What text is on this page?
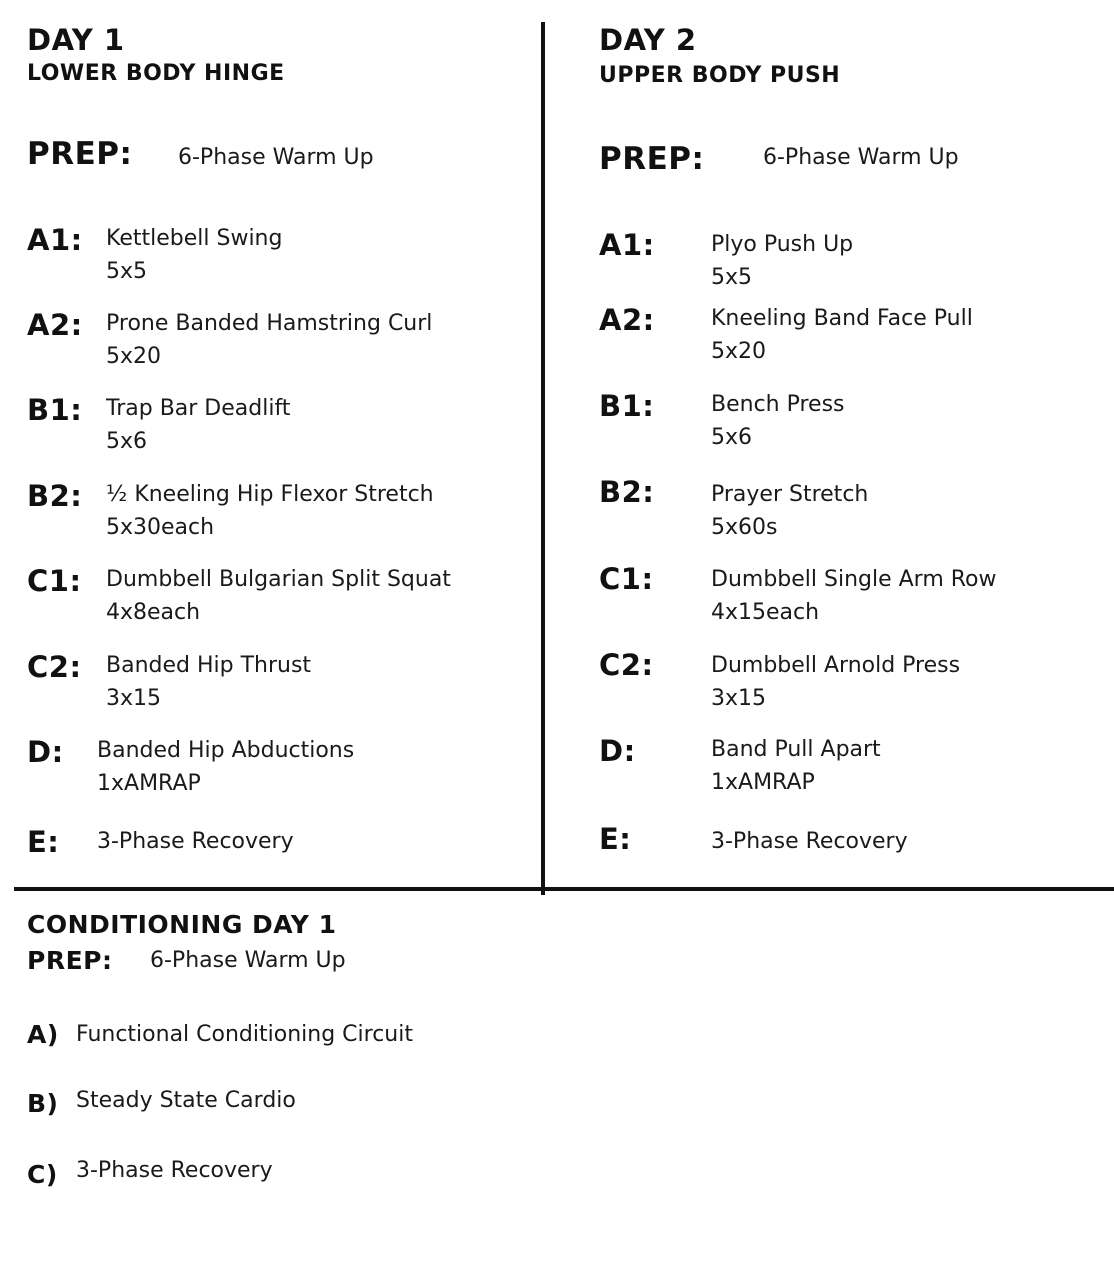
DAY 1
LOWER BODY HINGE
PREP: 6-Phase Warm Up
A1: Kettlebell Swing
5x5
A2: Prone Banded Hamstring Curl
5x20
B1: Trap Bar Deadlift
5x6
B2: ½ Kneeling Hip Flexor Stretch
5x30each
C1: Dumbbell Bulgarian Split Squat
4x8each
C2: Banded Hip Thrust
3x15
D: Banded Hip Abductions
1xAMRAP
E: 3-Phase Recovery
DAY 2
UPPER BODY PUSH
PREP:	6-Phase Warm Up
A1:	Plyo Push Up
5x5
A2:	Kneeling Band Face Pull
5x20
B1:	Bench Press
5x6
B2:	Prayer Stretch
5x60s
C1:	Dumbbell Single Arm Row
4x15each
C2:	Dumbbell Arnold Press
3x15
D:	Band Pull Apart
1xAMRAP
E:	3-Phase Recovery
CONDITIONING DAY 1
PREP: 6-Phase Warm Up
A) Functional Conditioning Circuit
B) Steady State Cardio
C) 3-Phase Recovery
